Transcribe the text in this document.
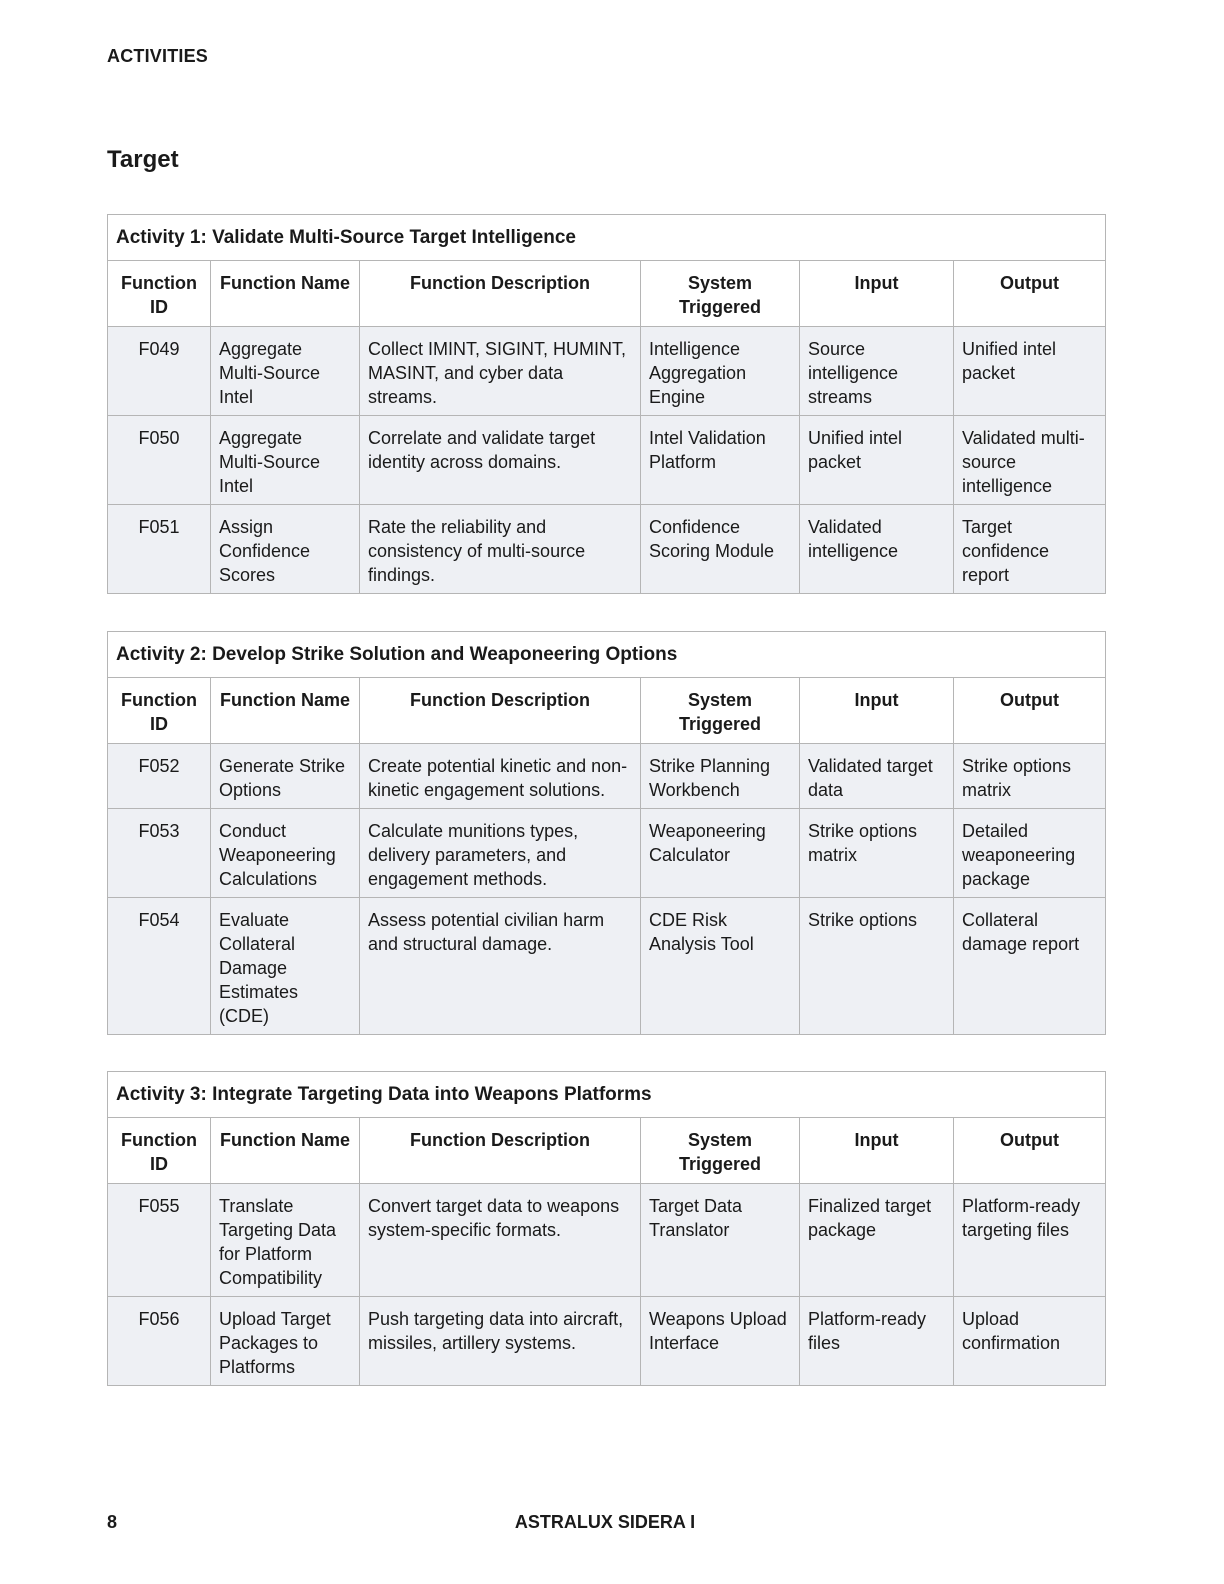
ACTIVITIES
Target
Activity 1: Validate Multi-Source Target Intelligence					
Function ID	Function Name	Function Description	System Triggered	Input	Output
F049	Aggregate Multi-Source Intel	Collect IMINT, SIGINT, HUMINT, MASINT, and cyber data streams.	Intelligence Aggregation Engine	Source intelligence streams	Unified intel packet
F050	Aggregate Multi-Source Intel	Correlate and validate target identity across domains.	Intel Validation Platform	Unified intel packet	Validated multi-source intelligence
F051	Assign Confidence Scores	Rate the reliability and consistency of multi-source findings.	Confidence Scoring Module	Validated intelligence	Target confidence report
Activity 2: Develop Strike Solution and Weaponeering Options					
Function ID	Function Name	Function Description	System Triggered	Input	Output
F052	Generate Strike Options	Create potential kinetic and non-kinetic engagement solutions.	Strike Planning Workbench	Validated target data	Strike options matrix
F053	Conduct Weaponeering Calculations	Calculate munitions types, delivery parameters, and engagement methods.	Weaponeering Calculator	Strike options matrix	Detailed weaponeering package
F054	Evaluate Collateral Damage Estimates (CDE)	Assess potential civilian harm and structural damage.	CDE Risk Analysis Tool	Strike options	Collateral damage report
Activity 3: Integrate Targeting Data into Weapons Platforms					
Function ID	Function Name	Function Description	System Triggered	Input	Output
F055	Translate Targeting Data for Platform Compatibility	Convert target data to weapons system-specific formats.	Target Data Translator	Finalized target package	Platform-ready targeting files
F056	Upload Target Packages to Platforms	Push targeting data into aircraft, missiles, artillery systems.	Weapons Upload Interface	Platform-ready files	Upload confirmation
8	ASTRALUX SIDERA I
